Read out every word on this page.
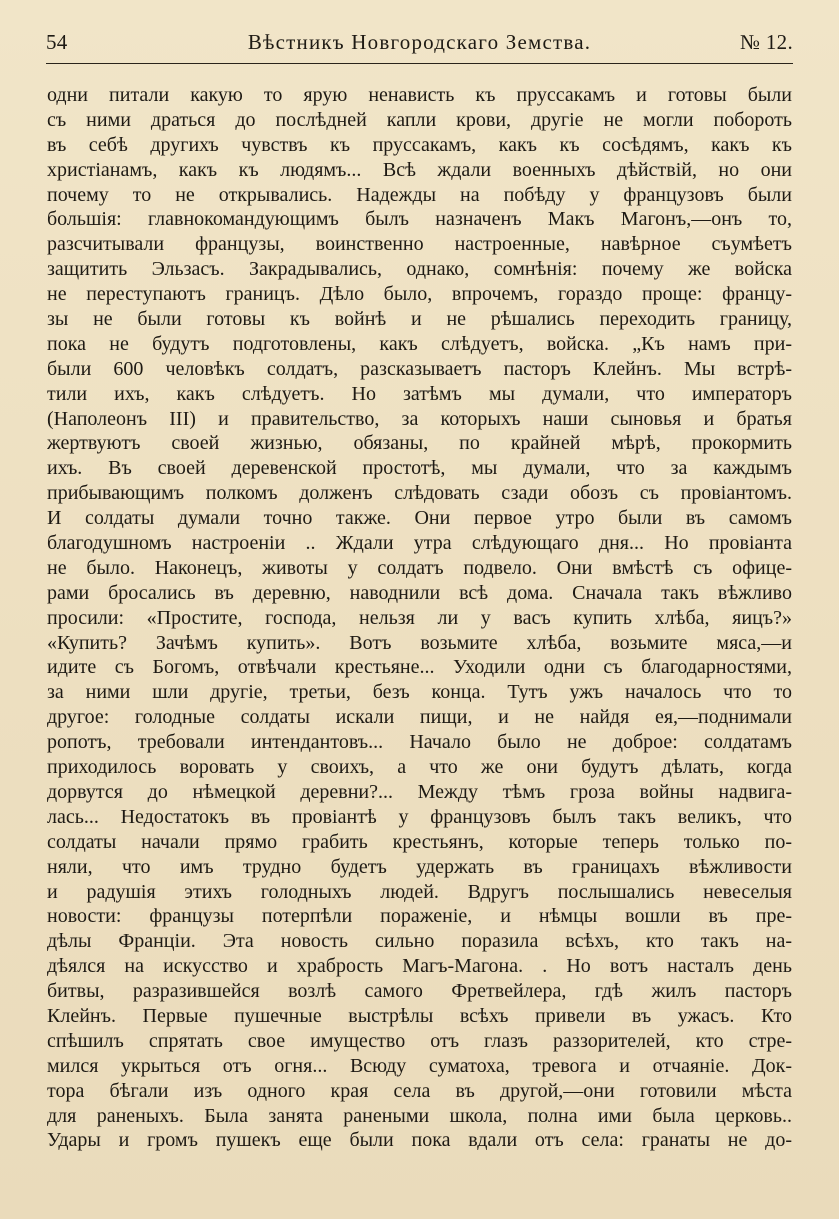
54	Вѣстникъ Новгородскаго Земства.	№ 12.
одни питали какую то ярую ненависть къ пруссакамъ и готовы были
съ ними драться до послѣдней капли крови, другіе не могли побороть
въ себѣ другихъ чувствъ къ пруссакамъ, какъ къ сосѣдямъ, какъ къ
христіанамъ, какъ къ людямъ... Всѣ ждали военныхъ дѣйствій, но они
почему то не открывались. Надежды на побѣду у французовъ были
большія: главнокомандующимъ былъ назначенъ Макъ Магонъ,—онъ то,
разсчитывали французы, воинственно настроенные, навѣрное съумѣетъ
защитить Эльзасъ. Закрадывались, однако, сомнѣнія: почему же войска
не переступаютъ границъ. Дѣло было, впрочемъ, гораздо проще: францу-
зы не были готовы къ войнѣ и не рѣшались переходить границу,
пока не будутъ подготовлены, какъ слѣдуетъ, войска. „Къ намъ при-
были 600 человѣкъ солдатъ, разсказываетъ пасторъ Клейнъ. Мы встрѣ-
тили ихъ, какъ слѣдуетъ. Но затѣмъ мы думали, что императоръ
(Наполеонъ III) и правительство, за которыхъ наши сыновья и братья
жертвуютъ своей жизнью, обязаны, по крайней мѣрѣ, прокормить
ихъ. Въ своей деревенской простотѣ, мы думали, что за каждымъ
прибывающимъ полкомъ долженъ слѣдовать сзади обозъ съ провіантомъ.
И солдаты думали точно также. Они первое утро были въ самомъ
благодушномъ настроеніи .. Ждали утра слѣдующаго дня... Но провіанта
не было. Наконецъ, животы у солдатъ подвело. Они вмѣстѣ съ офице-
рами бросались въ деревню, наводнили всѣ дома. Сначала такъ вѣжливо
просили: «Простите, господа, нельзя ли у васъ купить хлѣба, яицъ?»
«Купить? Зачѣмъ купить». Вотъ возьмите хлѣба, возьмите мяса,—и
идите съ Богомъ, отвѣчали крестьяне... Уходили одни съ благодарностями,
за ними шли другіе, третьи, безъ конца. Тутъ ужъ началось что то
другое: голодные солдаты искали пищи, и не найдя ея,—поднимали
ропотъ, требовали интендантовъ... Начало было не доброе: солдатамъ
приходилось воровать у своихъ, а что же они будутъ дѣлать, когда
дорвутся до нѣмецкой деревни?... Между тѣмъ гроза войны надвига-
лась... Недостатокъ въ провіантѣ у французовъ былъ такъ великъ, что
солдаты начали прямо грабить крестьянъ, которые теперь только по-
няли, что имъ трудно будетъ удержать въ границахъ вѣжливости
и радушія этихъ голодныхъ людей. Вдругъ послышались невеселыя
новости: французы потерпѣли пораженіе, и нѣмцы вошли въ пре-
дѣлы Франціи. Эта новость сильно поразила всѣхъ, кто такъ на-
дѣялся на искусство и храбрость Магъ-Магона. . Но вотъ насталъ день
битвы, разразившейся возлѣ самого Фретвейлера, гдѣ жилъ пасторъ
Клейнъ. Первые пушечные выстрѣлы всѣхъ привели въ ужасъ. Кто
спѣшилъ спрятать свое имущество отъ глазъ раззорителей, кто стре-
мился укрыться отъ огня... Всюду суматоха, тревога и отчаяніе. Док-
тора бѣгали изъ одного края села въ другой,—они готовили мѣста
для раненыхъ. Была занята ранеными школа, полна ими была церковь..
Удары и громъ пушекъ еще были пока вдали отъ села: гранаты не до-
